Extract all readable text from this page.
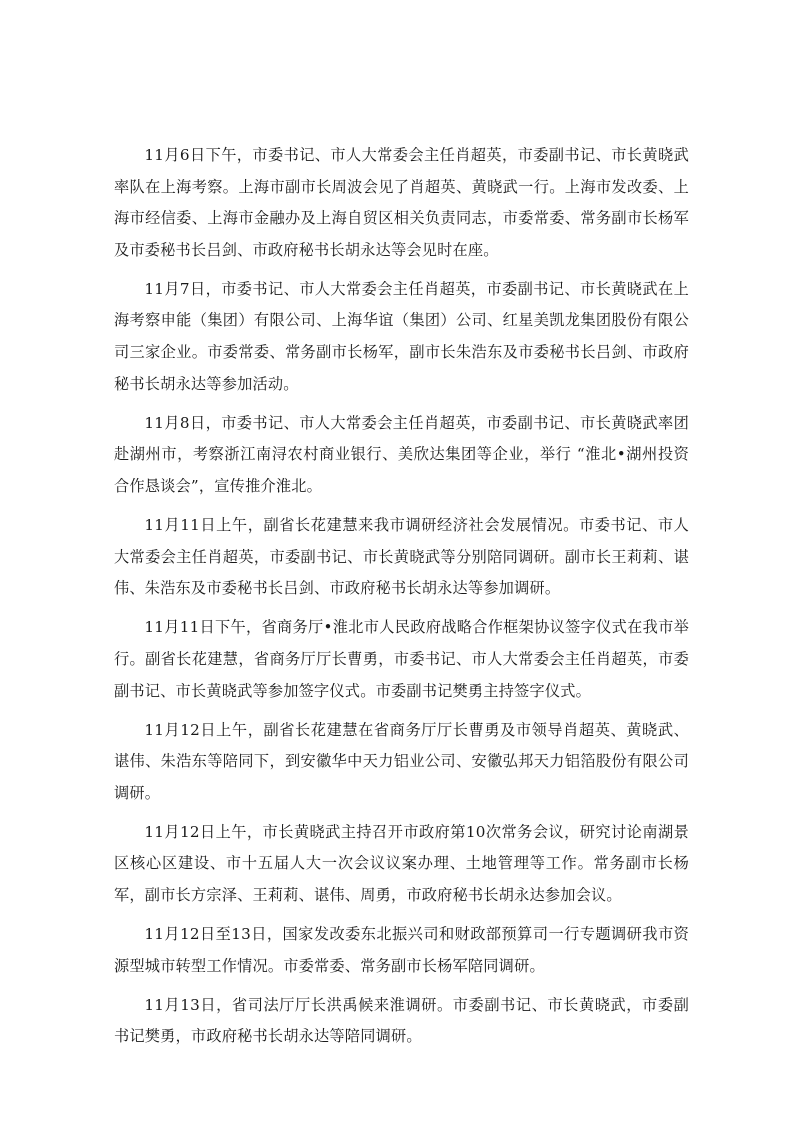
11月6日下午，市委书记、市人大常委会主任肖超英，市委副书记、市长黄晓武率队在上海考察。上海市副市长周波会见了肖超英、黄晓武一行。上海市发改委、上海市经信委、上海市金融办及上海自贸区相关负责同志，市委常委、常务副市长杨军及市委秘书长吕剑、市政府秘书长胡永达等会见时在座。

11月7日，市委书记、市人大常委会主任肖超英，市委副书记、市长黄晓武在上海考察申能（集团）有限公司、上海华谊（集团）公司、红星美凯龙集团股份有限公司三家企业。市委常委、常务副市长杨军，副市长朱浩东及市委秘书长吕剑、市政府秘书长胡永达等参加活动。

11月8日，市委书记、市人大常委会主任肖超英，市委副书记、市长黄晓武率团赴湖州市，考察浙江南浔农村商业银行、美欣达集团等企业，举行 “淮北•湖州投资合作恳谈会”，宣传推介淮北。

11月11日上午，副省长花建慧来我市调研经济社会发展情况。市委书记、市人大常委会主任肖超英，市委副书记、市长黄晓武等分别陪同调研。副市长王莉莉、谌伟、朱浩东及市委秘书长吕剑、市政府秘书长胡永达等参加调研。

11月11日下午，省商务厅•淮北市人民政府战略合作框架协议签字仪式在我市举行。副省长花建慧，省商务厅厅长曹勇，市委书记、市人大常委会主任肖超英，市委副书记、市长黄晓武等参加签字仪式。市委副书记樊勇主持签字仪式。

11月12日上午，副省长花建慧在省商务厅厅长曹勇及市领导肖超英、黄晓武、谌伟、朱浩东等陪同下，到安徽华中天力铝业公司、安徽弘邦天力铝箔股份有限公司调研。

11月12日上午，市长黄晓武主持召开市政府第10次常务会议，研究讨论南湖景区核心区建设、市十五届人大一次会议议案办理、土地管理等工作。常务副市长杨军，副市长方宗泽、王莉莉、谌伟、周勇，市政府秘书长胡永达参加会议。

11月12日至13日，国家发改委东北振兴司和财政部预算司一行专题调研我市资源型城市转型工作情况。市委常委、常务副市长杨军陪同调研。

11月13日，省司法厅厅长洪禹候来淮调研。市委副书记、市长黄晓武，市委副书记樊勇，市政府秘书长胡永达等陪同调研。
